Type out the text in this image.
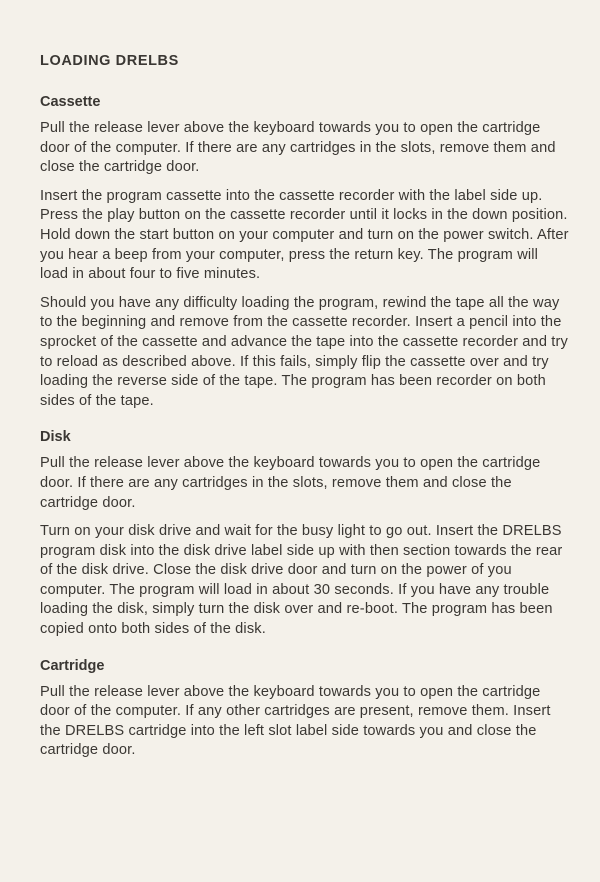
LOADING DRELBS
Cassette

Pull the release lever above the keyboard towards you to open the cartridge door of the computer. If there are any cartridges in the slots, remove them and close the cartridge door.

Insert the program cassette into the cassette recorder with the label side up. Press the play button on the cassette recorder until it locks in the down position. Hold down the start button on your computer and turn on the power switch. After you hear a beep from your computer, press the return key. The program will load in about four to five minutes.

Should you have any difficulty loading the program, rewind the tape all the way to the beginning and remove from the cassette recorder. Insert a pencil into the sprocket of the cassette and advance the tape into the cassette recorder and try to reload as described above. If this fails, simply flip the cassette over and try loading the reverse side of the tape. The program has been recorder on both sides of the tape.

Disk

Pull the release lever above the keyboard towards you to open the cartridge door. If there are any cartridges in the slots, remove them and close the cartridge door.

Turn on your disk drive and wait for the busy light to go out. Insert the DRELBS program disk into the disk drive label side up with then section towards the rear of the disk drive. Close the disk drive door and turn on the power of you computer. The program will load in about 30 seconds. If you have any trouble loading the disk, simply turn the disk over and re-boot. The program has been copied onto both sides of the disk.

Cartridge

Pull the release lever above the keyboard towards you to open the cartridge door of the computer. If any other cartridges are present, remove them. Insert the DRELBS cartridge into the left slot label side towards you and close the cartridge door.
